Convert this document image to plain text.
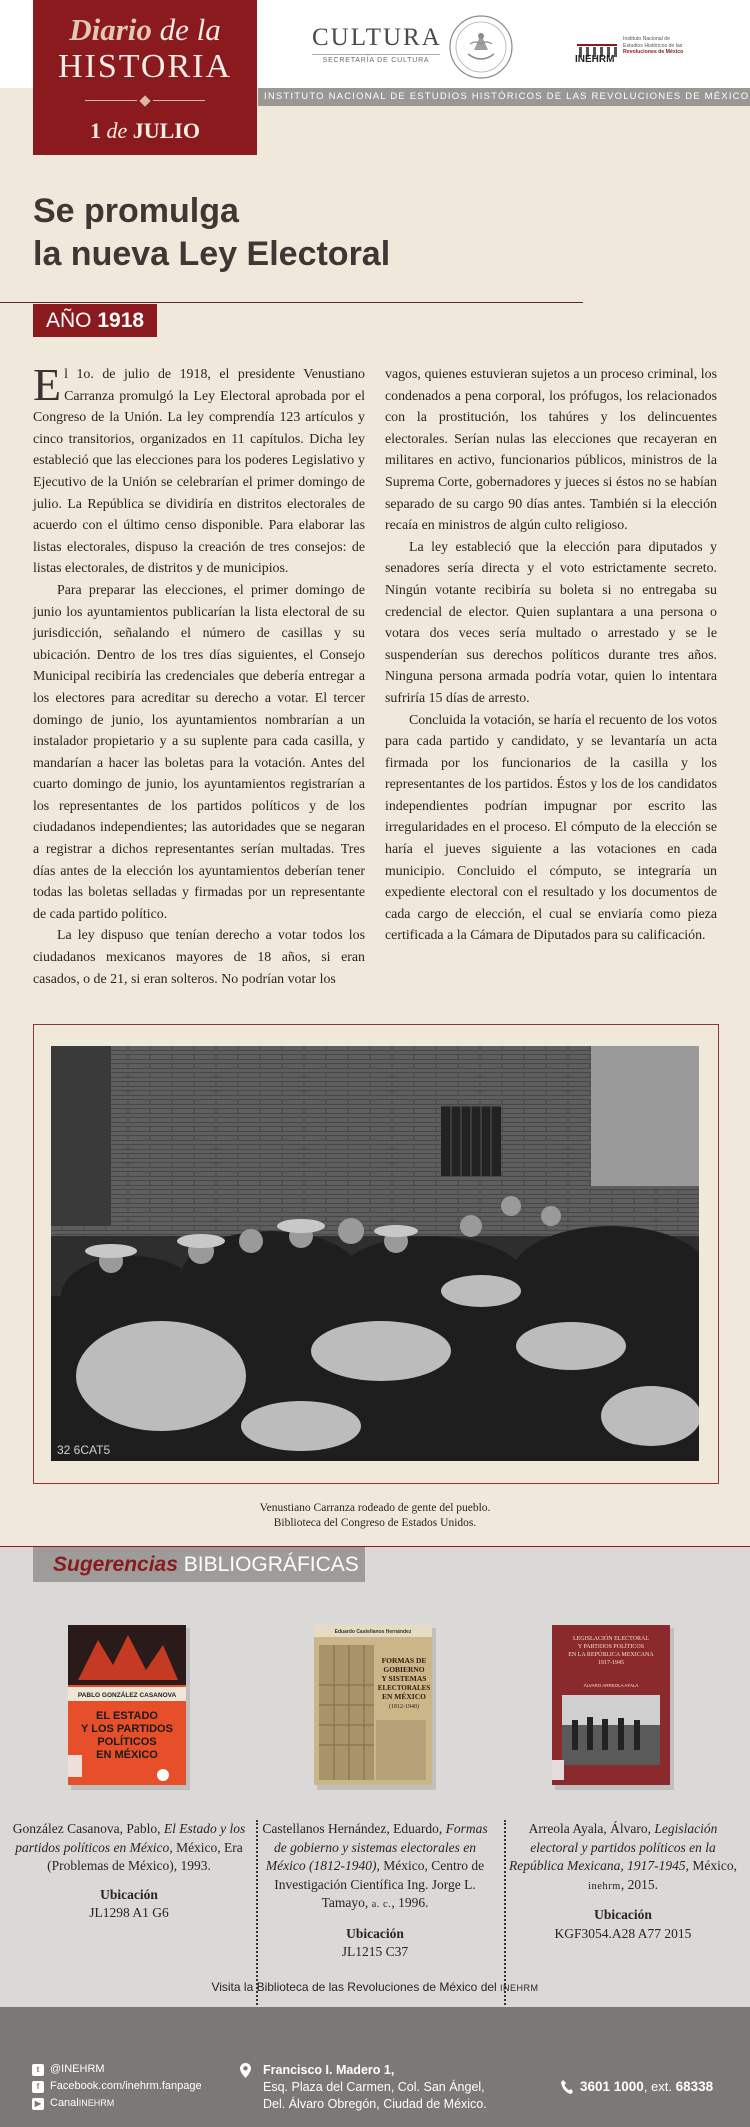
INSTITUTO NACIONAL DE ESTUDIOS HISTÓRICOS DE LAS REVOLUCIONES DE MÉXICO
Diario de la
HISTORIA
1 de JULIO
CULTURA
SECRETARÍA DE CULTURA	INEHRM
Instituto Nacional de
Estudios Históricos de las
Revoluciones de México
Se promulga
la nueva Ley Electoral
AÑO 1918

El 1o. de julio de 1918, el presidente Venustiano Carranza promulgó la Ley Electoral aprobada por el Congreso de la Unión. La ley comprendía 123 artículos y cinco transitorios, organizados en 11 capítulos. Dicha ley estableció que las elecciones para los poderes Legislativo y Ejecutivo de la Unión se celebrarían el primer domingo de julio. La República se dividiría en distritos electorales de acuerdo con el último censo disponible. Para elaborar las listas electorales, dispuso la creación de tres consejos: de listas electorales, de distritos y de municipios.

Para preparar las elecciones, el primer domingo de junio los ayuntamientos publicarían la lista electoral de su jurisdicción, señalando el número de casillas y su ubicación. Dentro de los tres días siguientes, el Consejo Municipal recibiría las credenciales que debería entregar a los electores para acreditar su derecho a votar. El tercer domingo de junio, los ayuntamientos nombrarían a un instalador propietario y a su suplente para cada casilla, y mandarían a hacer las boletas para la votación. Antes del cuarto domingo de junio, los ayuntamientos registrarían a los representantes de los partidos políticos y de los ciudadanos independientes; las autoridades que se negaran a registrar a dichos representantes serían multadas. Tres días antes de la elección los ayuntamientos deberían tener todas las boletas selladas y firmadas por un representante de cada partido político.

La ley dispuso que tenían derecho a votar todos los ciudadanos mexicanos mayores de 18 años, si eran casados, o de 21, si eran solteros. No podrían votar los

vagos, quienes estuvieran sujetos a un proceso criminal, los condenados a pena corporal, los prófugos, los relacionados con la prostitución, los tahúres y los delincuentes electorales. Serían nulas las elecciones que recayeran en militares en activo, funcionarios públicos, ministros de la Suprema Corte, gobernadores y jueces si éstos no se habían separado de su cargo 90 días antes. También si la elección recaía en ministros de algún culto religioso.

La ley estableció que la elección para diputados y senadores sería directa y el voto estrictamente secreto. Ningún votante recibiría su boleta si no entregaba su credencial de elector. Quien suplantara a una persona o votara dos veces sería multado o arrestado y se le suspenderían sus derechos políticos durante tres años. Ninguna persona armada podría votar, quien lo intentara sufriría 15 días de arresto.

Concluida la votación, se haría el recuento de los votos para cada partido y candidato, y se levantaría un acta firmada por los funcionarios de la casilla y los representantes de los partidos. Éstos y los de los candidatos independientes podrían impugnar por escrito las irregularidades en el proceso. El cómputo de la elección se haría el jueves siguiente a las votaciones en cada municipio. Concluido el cómputo, se integraría un expediente electoral con el resultado y los documentos de cada cargo de elección, el cual se enviaría como pieza certificada a la Cámara de Diputados para su calificación.

32 6CAT5
Venustiano Carranza rodeado de gente del pueblo.
Biblioteca del Congreso de Estados Unidos.
Sugerencias BIBLIOGRÁFICAS
PABLO GONZÁLEZ CASANOVA
EL ESTADO
Y LOS PARTIDOS
POLÍTICOS
EN MÉXICO
Eduardo Castellanos Hernández
FORMAS DE
GOBIERNO
Y SISTEMAS
ELECTORALES
EN MÉXICO
(1812-1940)
LEGISLACIÓN ELECTORAL
Y PARTIDOS POLÍTICOS
EN LA REPÚBLICA MEXICANA
1917-1945
ÁLVARO ARREOLA AYALA
González Casanova, Pablo, El Estado y los partidos políticos en México, México, Era (Problemas de México), 1993.
Ubicación
JL1298 A1 G6
Castellanos Hernández, Eduardo, Formas de gobierno y sistemas electorales en México (1812-1940), México, Centro de Investigación Científica Ing. Jorge L. Tamayo, a. c., 1996.
Ubicación
JL1215 C37
Arreola Ayala, Álvaro, Legislación electoral y partidos políticos en la República Mexicana, 1917-1945, México, inehrm, 2015.
Ubicación
KGF3054.A28 A77 2015
Visita la Biblioteca de las Revoluciones de México del INEHRM
t @INEHRM
f Facebook.com/inehrm.fanpage
▶ Canal INEHRM
Francisco I. Madero 1,
Esq. Plaza del Carmen, Col. San Ángel,
Del. Álvaro Obregón, Ciudad de México.
3601 1000, ext. 68338
